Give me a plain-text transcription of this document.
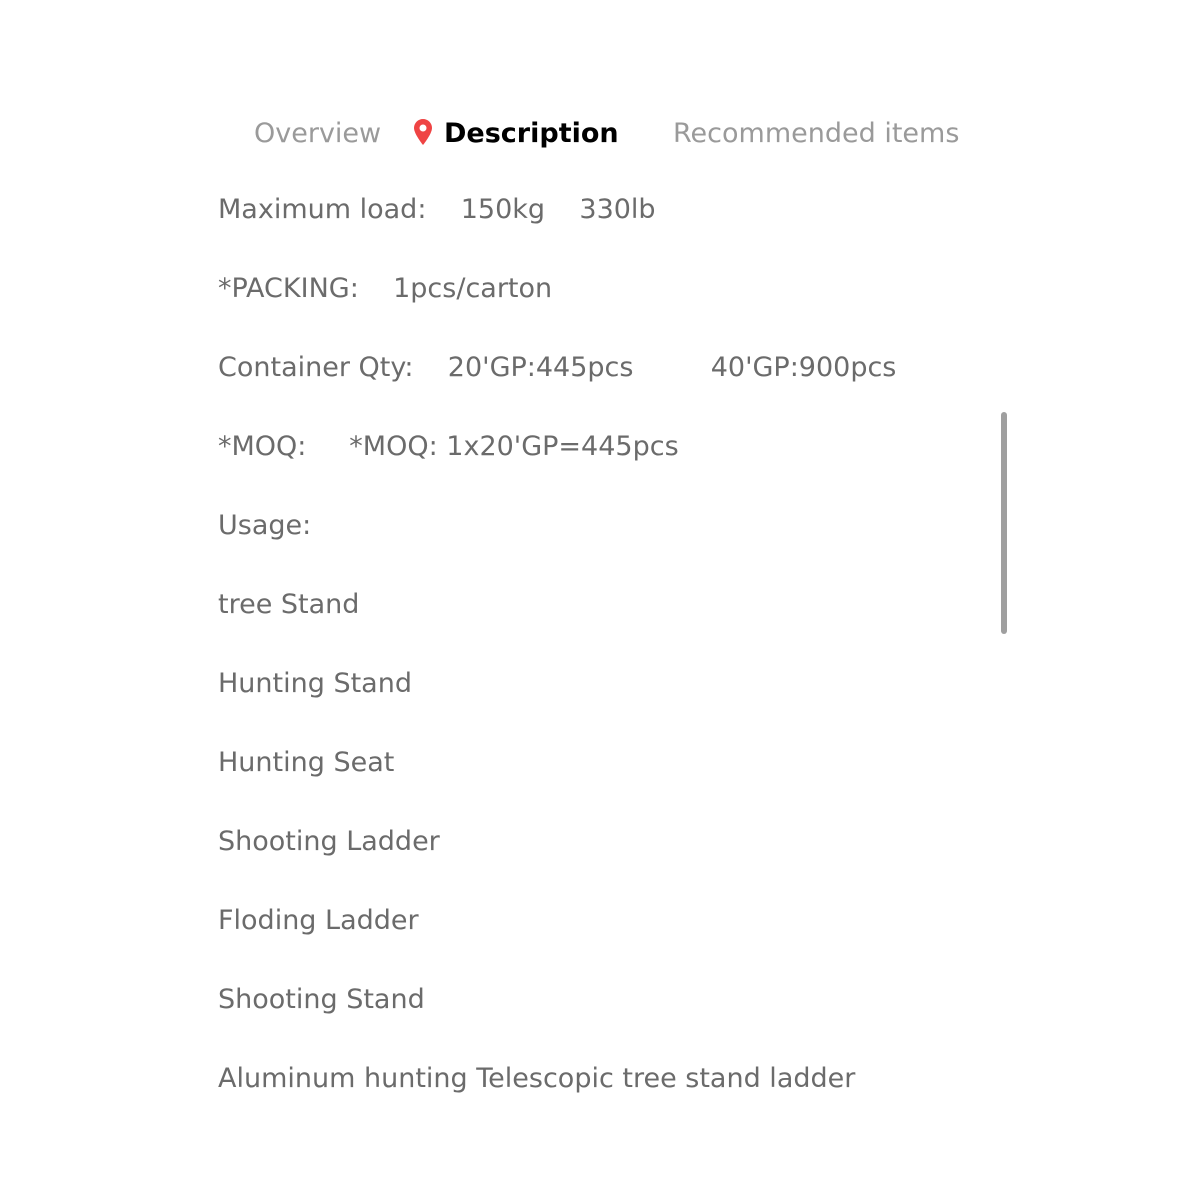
Overview	Description Recommended items
Maximum load:    150kg    330lb
*PACKING:    1pcs/carton
Container Qty:    20'GP:445pcs         40'GP:900pcs
*MOQ:     *MOQ: 1x20'GP=445pcs
Usage:
tree Stand
Hunting Stand
Hunting Seat
Shooting Ladder
Floding Ladder
Shooting Stand
Aluminum hunting Telescopic tree stand ladder
